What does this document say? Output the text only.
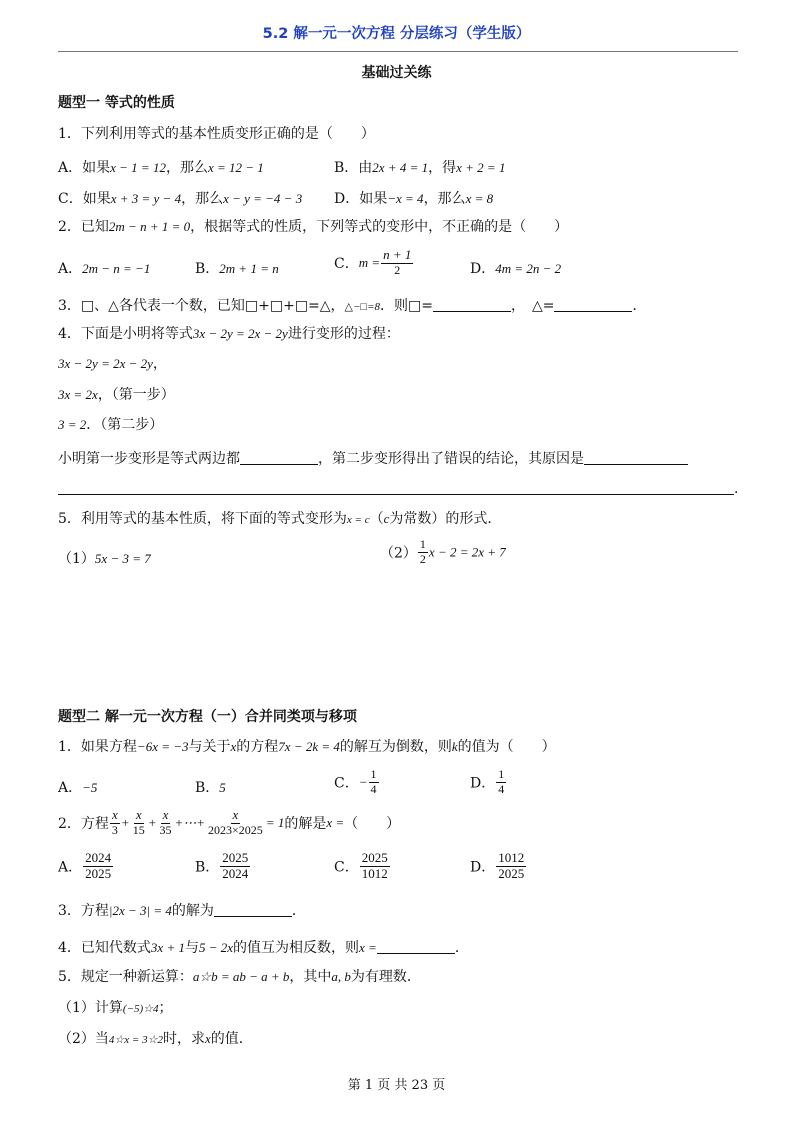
5.2 解一元一次方程 分层练习（学生版）
基础过关练
题型一 等式的性质
1．下列利用等式的基本性质变形正确的是（　　）
A．如果x − 1 = 12，那么x = 12 − 1	B．由2x + 4 = 1，得x + 2 = 1
C．如果x + 3 = y − 4，那么x − y = −4 − 3 D．如果−x = 4，那么x = 8
2．已知2m − n + 1 = 0，根据等式的性质，下列等式的变形中，不正确的是（　　）
A．2m − n = −1	B．2m + 1 = n	C．$m = \frac{n + 1}{2}$	D．4m = 2n − 2
3．□、△各代表一个数，已知□+□+□=△，△−□=8．则□=	，　△=	．
4．下面是小明将等式3x − 2y = 2x − 2y进行变形的过程：
3x − 2y = 2x − 2y，
3x = 2x，（第一步）
3 = 2．（第二步）
小明第一步变形是等式两边都	，第二步变形得出了错误的结论，其原因是
.
5．利用等式的基本性质，将下面的等式变形为x = c（c为常数）的形式．
（1）5x − 3 = 7	$(2) \frac{1}{2}$ x − 2 = 2x + 7
题型二 解一元一次方程（一）合并同类项与移项
1．如果方程−6x = −3与关于x的方程7x − 2k = 4的解互为倒数，则k的值为（　　）
A．−5	B．5	C．− $\frac{1}{4}$	D． $\frac{1}{4}$
2．方程 $\frac{x}{3} + \frac{x}{15} + \frac{x}{35}$ +⋯+ $\frac{x}{2023\times 2025} = 1$的解是x =（　　）
A． $\frac{2024}{2025}$	B． $\frac{2025}{2024}$	C． $\frac{2025}{1012}$	D． $\frac{1012}{2025}$
3．方程|2x − 3| = 4的解为	．
4．已知代数式3x + 1与5 − 2x的值互为相反数，则x =	．
5．规定一种新运算：a☆b = ab − a + b，其中a, b为有理数．
（1）计算(−5)☆4；
（2）当4☆x = 3☆2时，求x的值．
第 1 页 共 23 页
